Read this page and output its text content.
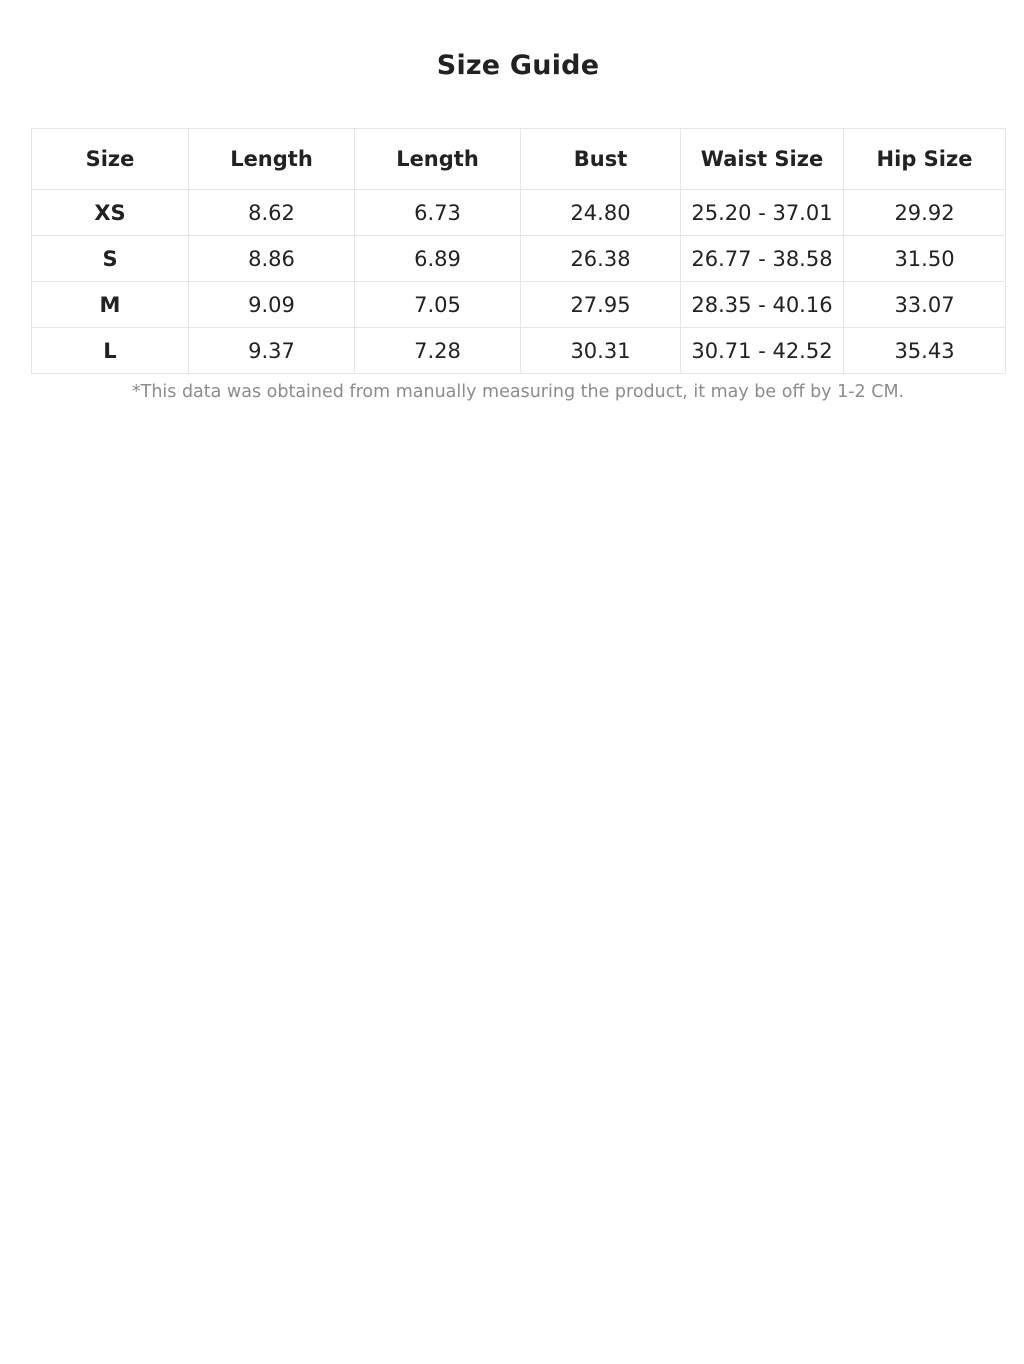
Size Guide
Size	Length	Length	Bust	Waist Size	Hip Size
XS	8.62	6.73	24.80	25.20 - 37.01	29.92
S	8.86	6.89	26.38	26.77 - 38.58	31.50
M	9.09	7.05	27.95	28.35 - 40.16	33.07
L	9.37	7.28	30.31	30.71 - 42.52	35.43
*This data was obtained from manually measuring the product, it may be off by 1-2 CM.
